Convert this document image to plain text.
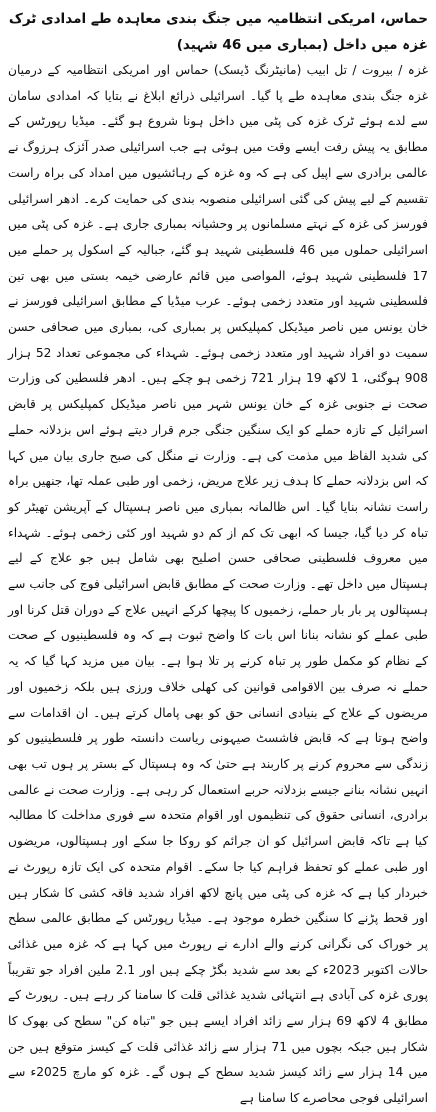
حماس، امریکی انتظامیہ میں جنگ بندی معاہدہ طے امدادی ٹرک غزہ میں داخل (بمباری میں 46 شہید)

غزہ / بیروت / تل ابیب (مانیٹرنگ ڈیسک) حماس اور امریکی انتظامیہ کے درمیان غزہ جنگ بندی معاہدہ طے پا گیا۔ اسرائیلی ذرائع ابلاغ نے بتایا کہ امدادی سامان سے لدے ہوئے ٹرک غزہ کی پٹی میں داخل ہونا شروع ہو گئے۔ میڈیا رپورٹس کے مطابق یہ پیش رفت ایسے وقت میں ہوئی ہے جب اسرائیلی صدر آئزک ہرزوگ نے عالمی برادری سے اپیل کی ہے کہ وہ غزہ کے رہائشیوں میں امداد کی براہ راست تقسیم کے لیے پیش کی گئی اسرائیلی منصوبہ بندی کی حمایت کرے۔ ادھر اسرائیلی فورسز کی غزہ کے نہتے مسلمانوں پر وحشیانہ بمباری جاری ہے۔ غزہ کی پٹی میں اسرائیلی حملوں میں 46 فلسطینی شہید ہو گئے، جبالیہ کے اسکول پر حملے میں 17 فلسطینی شہید ہوئے، المواصی میں قائم عارضی خیمہ بستی میں بھی تین فلسطینی شہید اور متعدد زخمی ہوئے۔ عرب میڈیا کے مطابق اسرائیلی فورسز نے خان یونس میں ناصر میڈیکل کمپلیکس پر بمباری کی، بمباری میں صحافی حسن سمیت دو افراد شہید اور متعدد زخمی ہوئے۔ شہداء کی مجموعی تعداد 52 ہزار 908 ہوگئی، 1 لاکھ 19 ہزار 721 زخمی ہو چکے ہیں۔ ادھر فلسطین کی وزارت صحت نے جنوبی غزہ کے خان یونس شہر میں ناصر میڈیکل کمپلیکس پر قابض اسرائیل کے تازہ حملے کو ایک سنگین جنگی جرم قرار دیتے ہوئے اس بزدلانہ حملے کی شدید الفاظ میں مذمت کی ہے۔ وزارت نے منگل کی صبح جاری بیان میں کہا کہ اس بزدلانہ حملے کا ہدف زیر علاج مریض، زخمی اور طبی عملہ تھا، جنھیں براہ راست نشانہ بنایا گیا۔ اس ظالمانہ بمباری میں ناصر ہسپتال کے آپریشن تھیٹر کو تباہ کر دیا گیا، جیسا کہ ابھی تک کم از کم دو شہید اور کئی زخمی ہوئے۔ شہداء میں معروف فلسطینی صحافی حسن اصلیح بھی شامل ہیں جو علاج کے لیے ہسپتال میں داخل تھے۔ وزارت صحت کے مطابق قابض اسرائیلی فوج کی جانب سے ہسپتالوں پر بار بار حملے، زخمیوں کا پیچھا کرکے انہیں علاج کے دوران قتل کرنا اور طبی عملے کو نشانہ بنانا اس بات کا واضح ثبوت ہے کہ وہ فلسطینیوں کے صحت کے نظام کو مکمل طور پر تباہ کرنے پر تلا ہوا ہے۔ بیان میں مزید کہا گیا کہ یہ حملے نہ صرف بین الاقوامی قوانین کی کھلی خلاف ورزی ہیں بلکہ زخمیوں اور مریضوں کے علاج کے بنیادی انسانی حق کو بھی پامال کرتے ہیں۔ ان اقدامات سے واضح ہوتا ہے کہ قابض فاشسٹ صیہونی ریاست دانستہ طور پر فلسطینیوں کو زندگی سے محروم کرنے پر کاربند ہے حتیٰ کہ وہ ہسپتال کے بستر پر ہوں تب بھی انہیں نشانہ بنانے جیسے بزدلانہ حربے استعمال کر رہی ہے۔ وزارت صحت نے عالمی برادری، انسانی حقوق کی تنظیموں اور اقوام متحدہ سے فوری مداخلت کا مطالبہ کیا ہے تاکہ قابض اسرائیل کو ان جرائم کو روکا جا سکے اور ہسپتالوں، مریضوں اور طبی عملے کو تحفظ فراہم کیا جا سکے۔ اقوام متحدہ کی ایک تازہ رپورٹ نے خبردار کیا ہے کہ غزہ کی پٹی میں پانچ لاکھ افراد شدید فاقہ کشی کا شکار ہیں اور قحط پڑنے کا سنگین خطرہ موجود ہے۔ میڈیا رپورٹس کے مطابق عالمی سطح پر خوراک کی نگرانی کرنے والے ادارے نے رپورٹ میں کہا ہے کہ غزہ میں غذائی حالات اکتوبر 2023ء کے بعد سے شدید بگڑ چکے ہیں اور 2.1 ملین افراد جو تقریباً پوری غزہ کی آبادی ہے انتہائی شدید غذائی قلت کا سامنا کر رہے ہیں۔ رپورٹ کے مطابق 4 لاکھ 69 ہزار سے زائد افراد ایسے ہیں جو "تباہ کن" سطح کی بھوک کا شکار ہیں جبکہ بچوں میں 71 ہزار سے زائد غذائی قلت کے کیسز متوقع ہیں جن میں 14 ہزار سے زائد کیسز شدید سطح کے ہوں گے۔ غزہ کو مارچ 2025ء سے اسرائیلی فوجی محاصرے کا سامنا ہے
